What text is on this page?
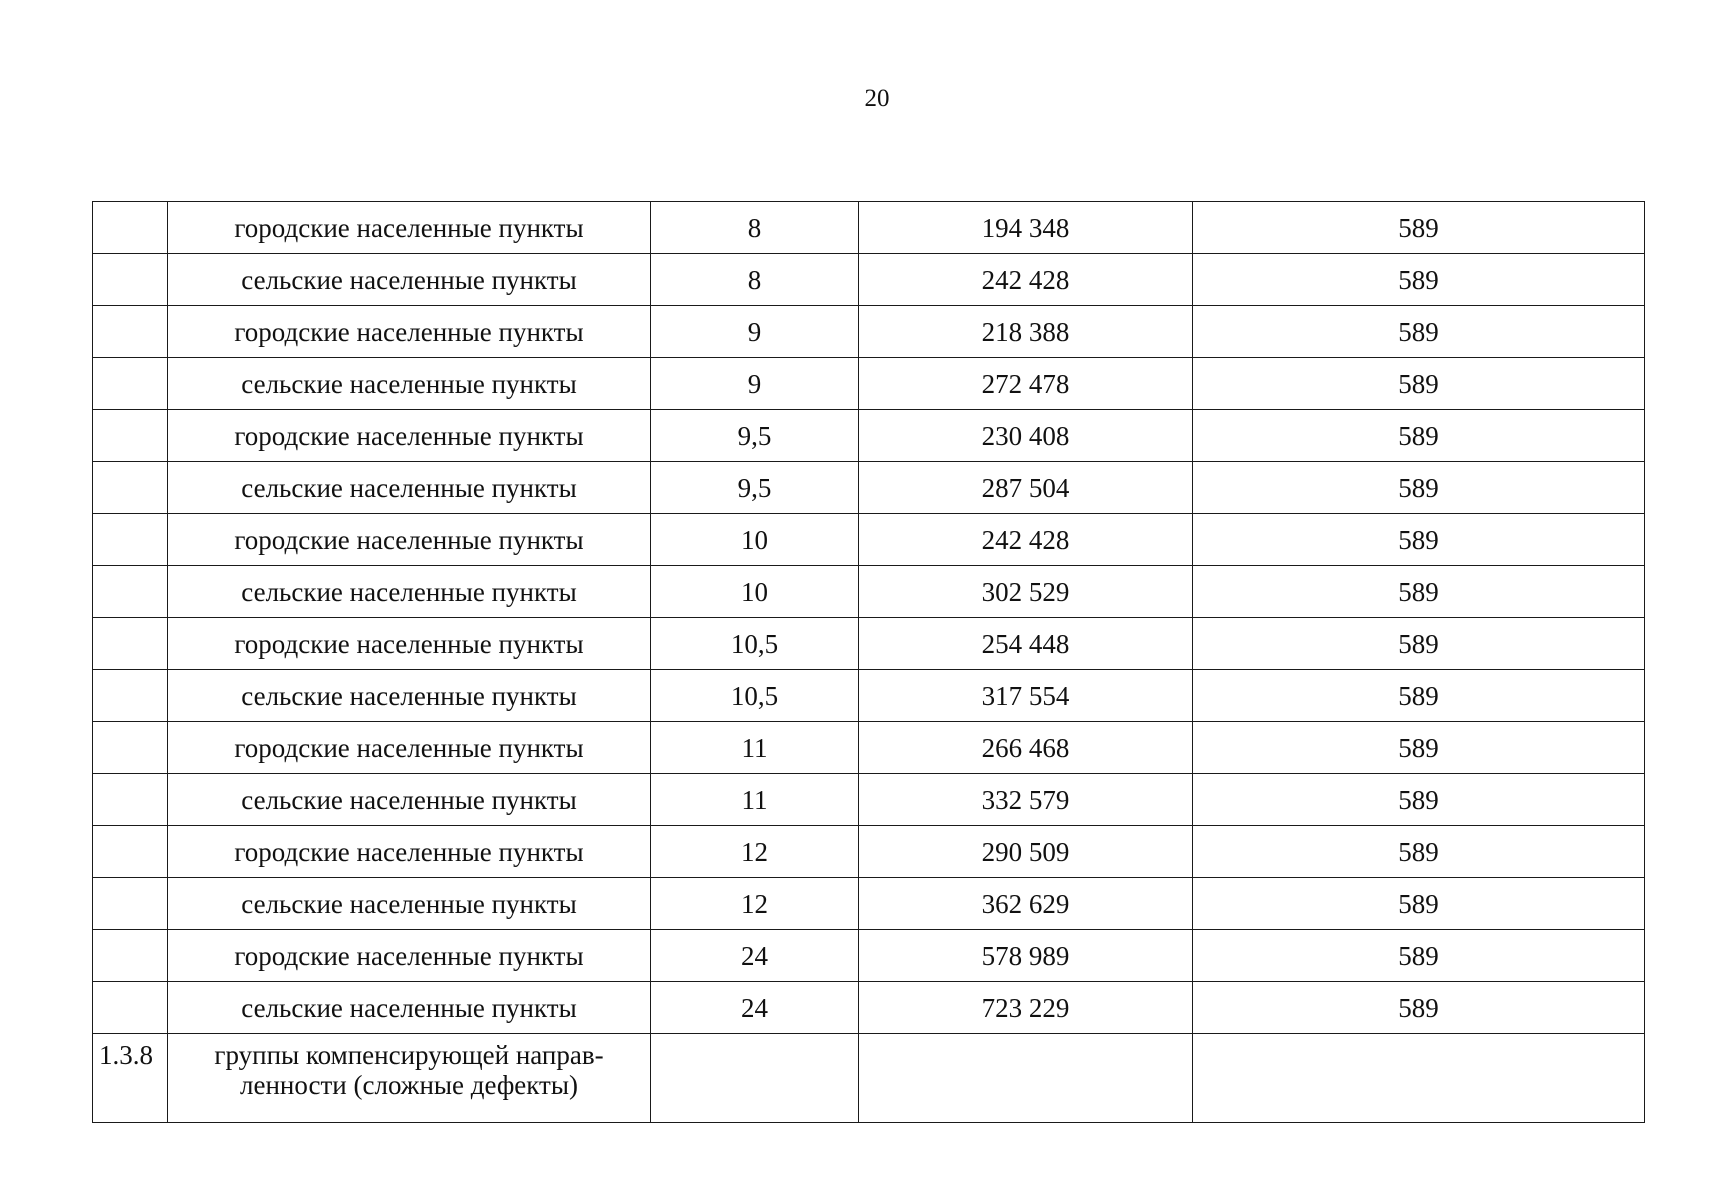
20
	городские населенные пункты	8	194 348	589
	сельские населенные пункты	8	242 428	589
	городские населенные пункты	9	218 388	589
	сельские населенные пункты	9	272 478	589
	городские населенные пункты	9,5	230 408	589
	сельские населенные пункты	9,5	287 504	589
	городские населенные пункты	10	242 428	589
	сельские населенные пункты	10	302 529	589
	городские населенные пункты	10,5	254 448	589
	сельские населенные пункты	10,5	317 554	589
	городские населенные пункты	11	266 468	589
	сельские населенные пункты	11	332 579	589
	городские населенные пункты	12	290 509	589
	сельские населенные пункты	12	362 629	589
	городские населенные пункты	24	578 989	589
	сельские населенные пункты	24	723 229	589
1.3.8	группы компенсирующей направ-
ленности (сложные дефекты)			
